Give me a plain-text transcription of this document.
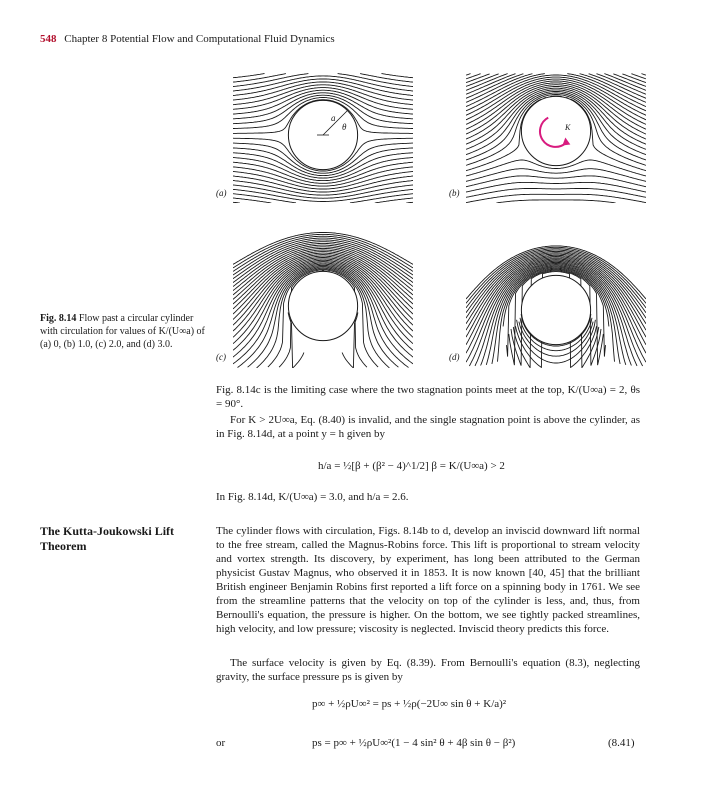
548 Chapter 8 Potential Flow and Computational Fluid Dynamics
a
θ	K
(a)	(b)
(c)	(d)
Fig. 8.14 Flow past a circular cylinder with circulation for values of K/(U∞a) of (a) 0, (b) 1.0, (c) 2.0, and (d) 3.0.
Fig. 8.14c is the limiting case where the two stagnation points meet at the top, K/(U∞a) = 2, θs = 90°.
For K > 2U∞a, Eq. (8.40) is invalid, and the single stagnation point is above the cylinder, as in Fig. 8.14d, at a point y = h given by
h/a = ½[β + (β² − 4)^1/2] β = K/(U∞a) > 2
In Fig. 8.14d, K/(U∞a) = 3.0, and h/a = 2.6.
The Kutta-Joukowski Lift Theorem
The cylinder flows with circulation, Figs. 8.14b to d, develop an inviscid downward lift normal to the free stream, called the Magnus-Robins force. This lift is proportional to stream velocity and vortex strength. Its discovery, by experiment, has long been attributed to the German physicist Gustav Magnus, who observed it in 1853. It is now known [40, 45] that the brilliant British engineer Benjamin Robins first reported a lift force on a spinning body in 1761. We see from the streamline patterns that the velocity on top of the cylinder is less, and, thus, from Bernoulli's equation, the pressure is higher. On the bottom, we see tightly packed streamlines, high velocity, and low pressure; viscosity is neglected. Inviscid theory predicts this force.
The surface velocity is given by Eq. (8.39). From Bernoulli's equation (8.3), neglecting gravity, the surface pressure ps is given by
p∞ + ½ρU∞² = ps + ½ρ(−2U∞ sin θ + K/a)²
or	ps = p∞ + ½ρU∞²(1 − 4 sin² θ + 4β sin θ − β²)	(8.41)
